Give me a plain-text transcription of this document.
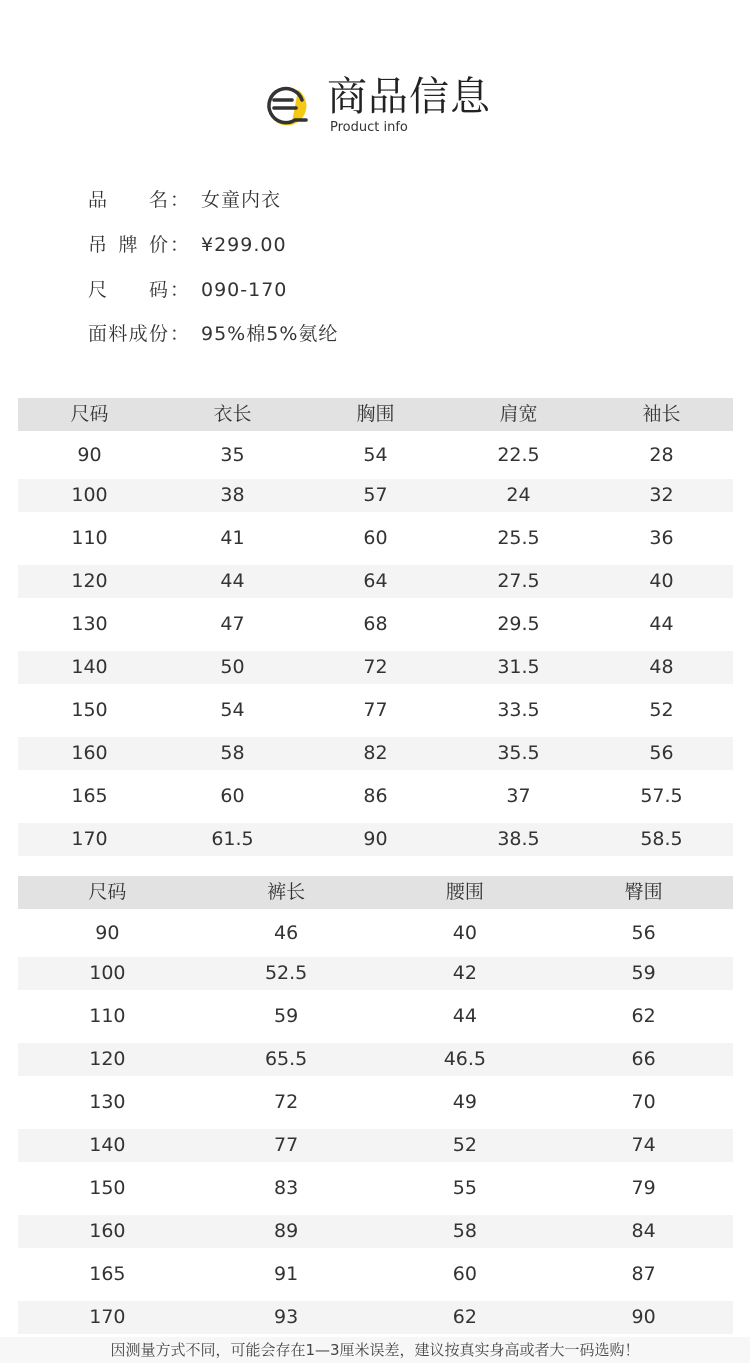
商品信息
Product info
品　　名 ： 女童内衣
吊牌价 ： ¥299.00
尺　　码 ： 090-170
面料成份 ： 95%棉5%氨纶
尺码	衣长	胸围	肩宽	袖长
90	35	54	22.5	28
100	38	57	24	32
110	41	60	25.5	36
120	44	64	27.5	40
130	47	68	29.5	44
140	50	72	31.5	48
150	54	77	33.5	52
160	58	82	35.5	56
165	60	86	37	57.5
170	61.5	90	38.5	58.5
尺码	裤长	腰围	臀围
90	46	40	56
100	52.5	42	59
110	59	44	62
120	65.5	46.5	66
130	72	49	70
140	77	52	74
150	83	55	79
160	89	58	84
165	91	60	87
170	93	62	90
因测量方式不同，可能会存在1—3厘米误差，建议按真实身高或者大一码选购！
